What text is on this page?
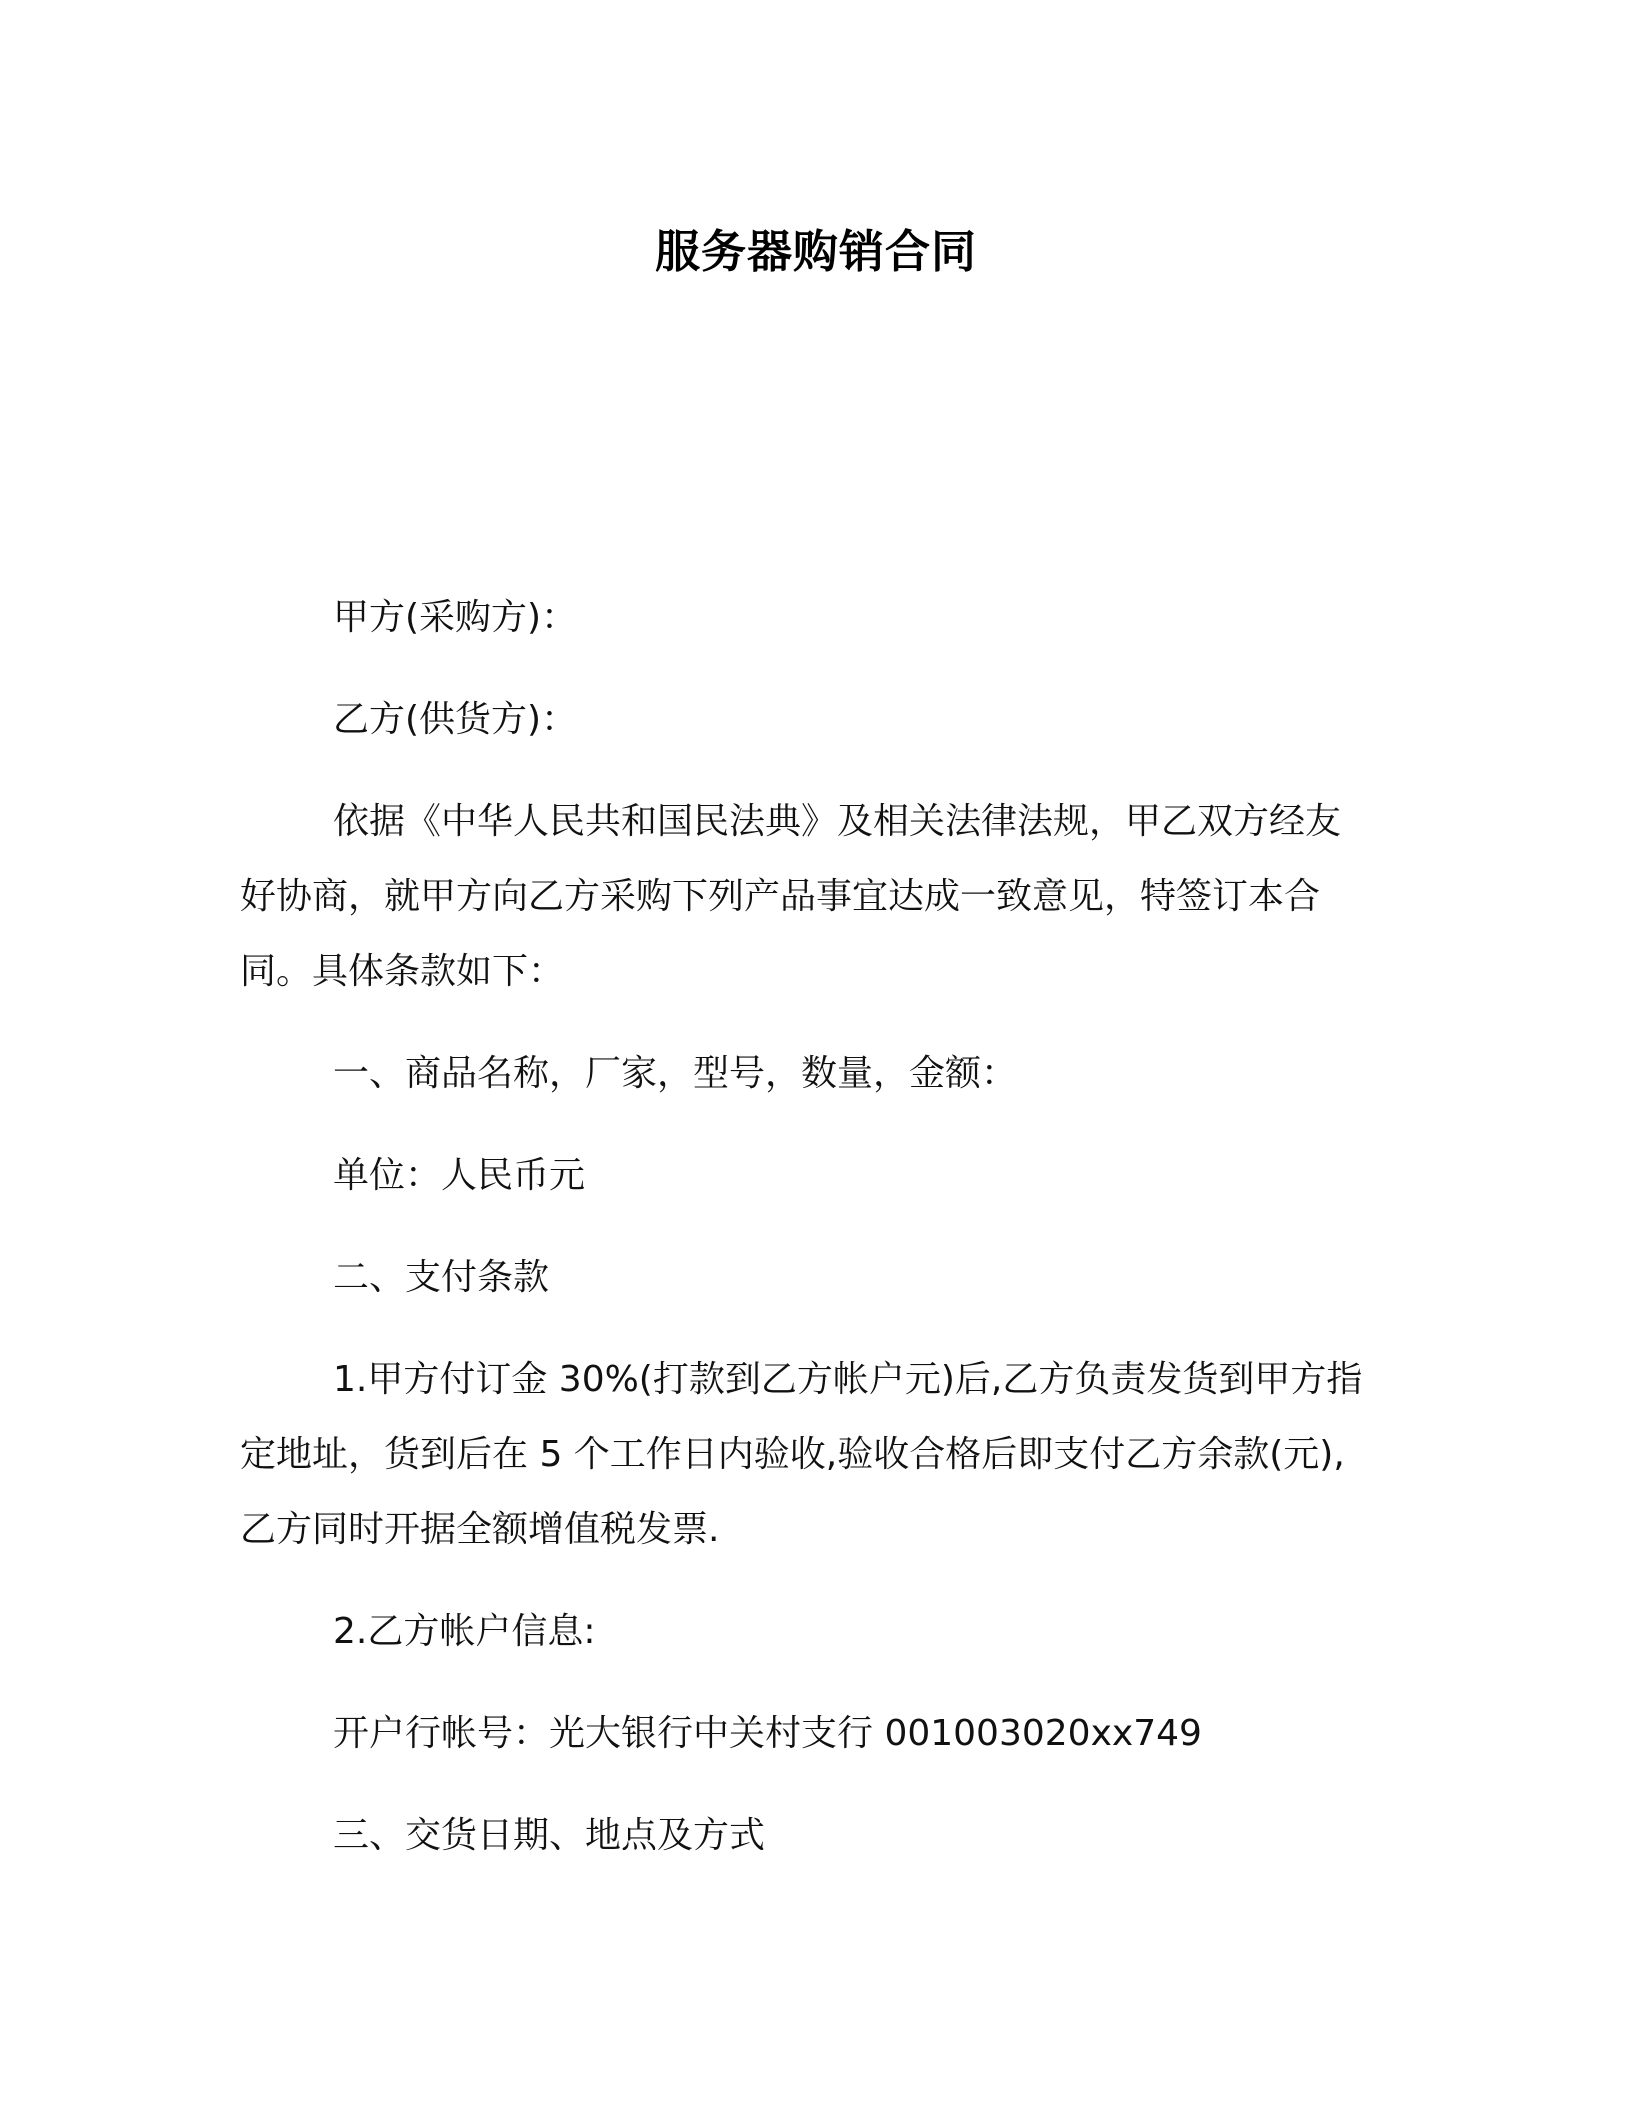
服务器购销合同
甲方(采购方)：
乙方(供货方)：
依据《中华人民共和国民法典》及相关法律法规，甲乙双方经友
好协商，就甲方向乙方采购下列产品事宜达成一致意见，特签订本合
同。具体条款如下：
一、商品名称，厂家，型号，数量，金额：
单位：人民币元
二、支付条款
1.甲方付订金 30%(打款到乙方帐户元)后,乙方负责发货到甲方指
定地址，货到后在 5 个工作日内验收,验收合格后即支付乙方余款(元),
乙方同时开据全额增值税发票.
2.乙方帐户信息:
开户行帐号：光大银行中关村支行 001003020xx749
三、交货日期、地点及方式
